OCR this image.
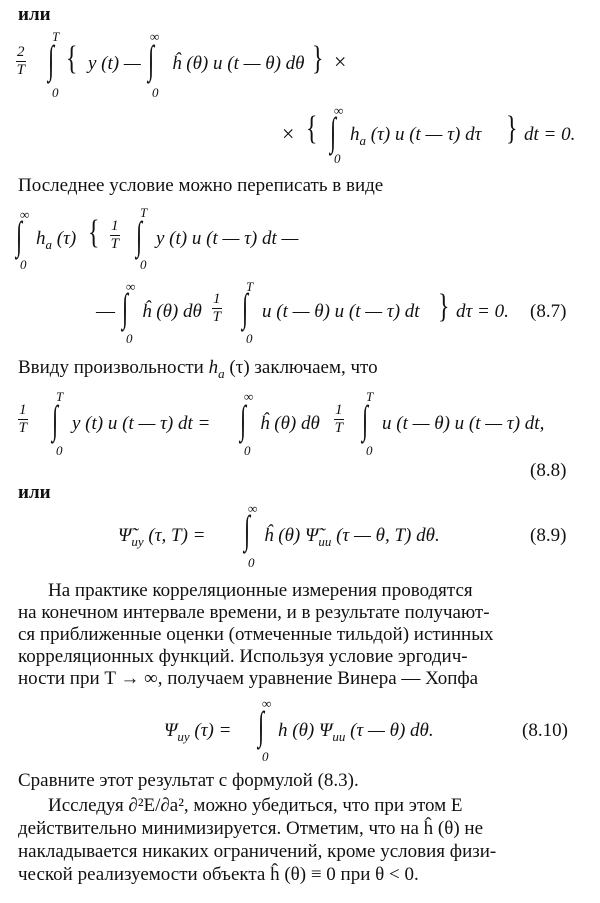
или
$\frac{2}{T}$
T
∫
0
{ y (t) —
∞
∫
0
ĥ (θ) u (t — θ) dθ } ×
× { ∞
∫
0
$h_a$ (τ) u (t — τ) dτ } dt = 0.
Последнее условие можно переписать в виде
∞
∫
0
$h_a$ (τ) { $\frac{1}{T}$
T
∫
0
y (t) u (t — τ) dt —
—
∞
∫
0
ĥ (θ) dθ $\frac{1}{T}$
T
∫
0
u (t — θ) u (t — τ) dt } dτ = 0. (8.7)
Ввиду произвольности $h_a$ (τ) заключаем, что
$\frac{1}{T}$
T
∫
0
y (t) u (t — τ) dt =
∞
∫
0
ĥ (θ) dθ $\frac{1}{T}$
T
∫
0
u (t — θ) u (t — τ) dt,
(8.8)
или
$\Psĩ_{uy}$ (τ, T) =
∞
∫
0
ĥ (θ) $\Psĩ_{uu}$ (τ — θ, T) dθ.	(8.9)
На практике корреляционные измерения проводятся
на конечном интервале времени, и в результате получают-
ся приближенные оценки (отмеченные тильдой) истинных
корреляционных функций. Используя условие эргодич-
ности при T → ∞, получаем уравнение Винера — Хопфа
$\Psi_{uy}$ (τ) =
∞
∫
0
h (θ) $\Psi_{uu}$ (τ — θ) dθ.	(8.10)
Сравните этот результат с формулой (8.3).
Исследуя ∂²E/∂a², можно убедиться, что при этом E
действительно минимизируется. Отметим, что на ĥ (θ) не
накладывается никаких ограничений, кроме условия физи-
ческой реализуемости объекта ĥ (θ) ≡ 0 при θ < 0.
